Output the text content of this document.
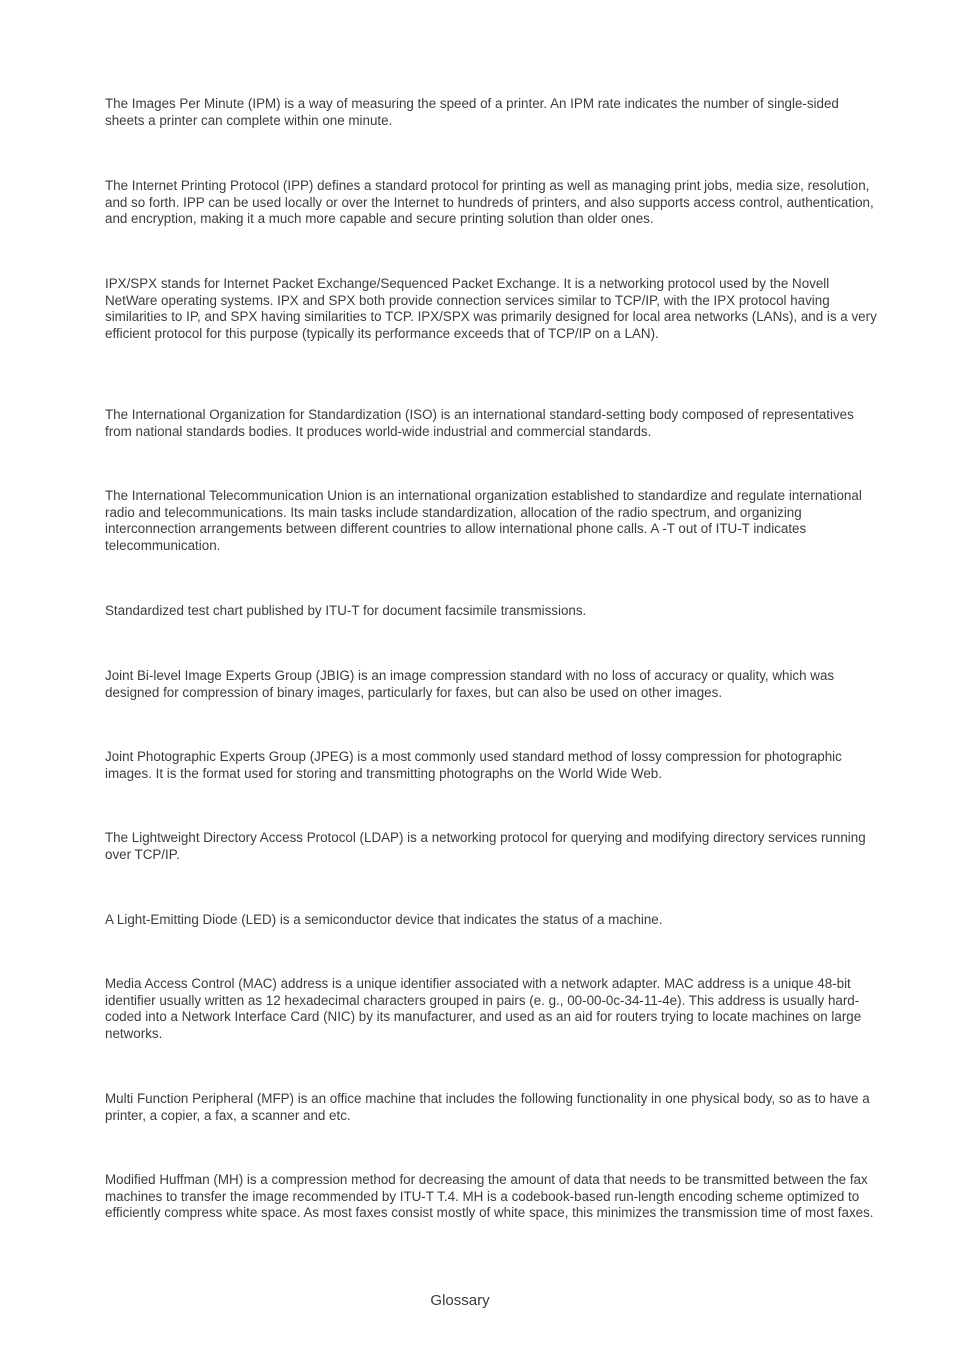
The Images Per Minute (IPM) is a way of measuring the speed of a printer. An IPM rate indicates the number of single-sided sheets a printer can complete within one minute.

The Internet Printing Protocol (IPP) defines a standard protocol for printing as well as managing print jobs, media size, resolution, and so forth. IPP can be used locally or over the Internet to hundreds of printers, and also supports access control, authentication, and encryption, making it a much more capable and secure printing solution than older ones.

IPX/SPX stands for Internet Packet Exchange/Sequenced Packet Exchange. It is a networking protocol used by the Novell NetWare operating systems. IPX and SPX both provide connection services similar to TCP/IP, with the IPX protocol having similarities to IP, and SPX having similarities to TCP. IPX/SPX was primarily designed for local area networks (LANs), and is a very efficient protocol for this purpose (typically its performance exceeds that of TCP/IP on a LAN).

The International Organization for Standardization (ISO) is an international standard-setting body composed of representatives from national standards bodies. It produces world-wide industrial and commercial standards.

The International Telecommunication Union is an international organization established to standardize and regulate international radio and telecommunications. Its main tasks include standardization, allocation of the radio spectrum, and organizing interconnection arrangements between different countries to allow international phone calls. A -T out of ITU-T indicates telecommunication.

Standardized test chart published by ITU-T for document facsimile transmissions.

Joint Bi-level Image Experts Group (JBIG) is an image compression standard with no loss of accuracy or quality, which was designed for compression of binary images, particularly for faxes, but can also be used on other images.

Joint Photographic Experts Group (JPEG) is a most commonly used standard method of lossy compression for photographic images. It is the format used for storing and transmitting photographs on the World Wide Web.

The Lightweight Directory Access Protocol (LDAP) is a networking protocol for querying and modifying directory services running over TCP/IP.

A Light-Emitting Diode (LED) is a semiconductor device that indicates the status of a machine.

Media Access Control (MAC) address is a unique identifier associated with a network adapter. MAC address is a unique 48-bit identifier usually written as 12 hexadecimal characters grouped in pairs (e. g., 00-00-0c-34-11-4e). This address is usually hard-coded into a Network Interface Card (NIC) by its manufacturer, and used as an aid for routers trying to locate machines on large networks.

Multi Function Peripheral (MFP) is an office machine that includes the following functionality in one physical body, so as to have a printer, a copier, a fax, a scanner and etc.

Modified Huffman (MH) is a compression method for decreasing the amount of data that needs to be transmitted between the fax machines to transfer the image recommended by ITU-T T.4. MH is a codebook-based run-length encoding scheme optimized to efficiently compress white space. As most faxes consist mostly of white space, this minimizes the transmission time of most faxes.

Glossary
